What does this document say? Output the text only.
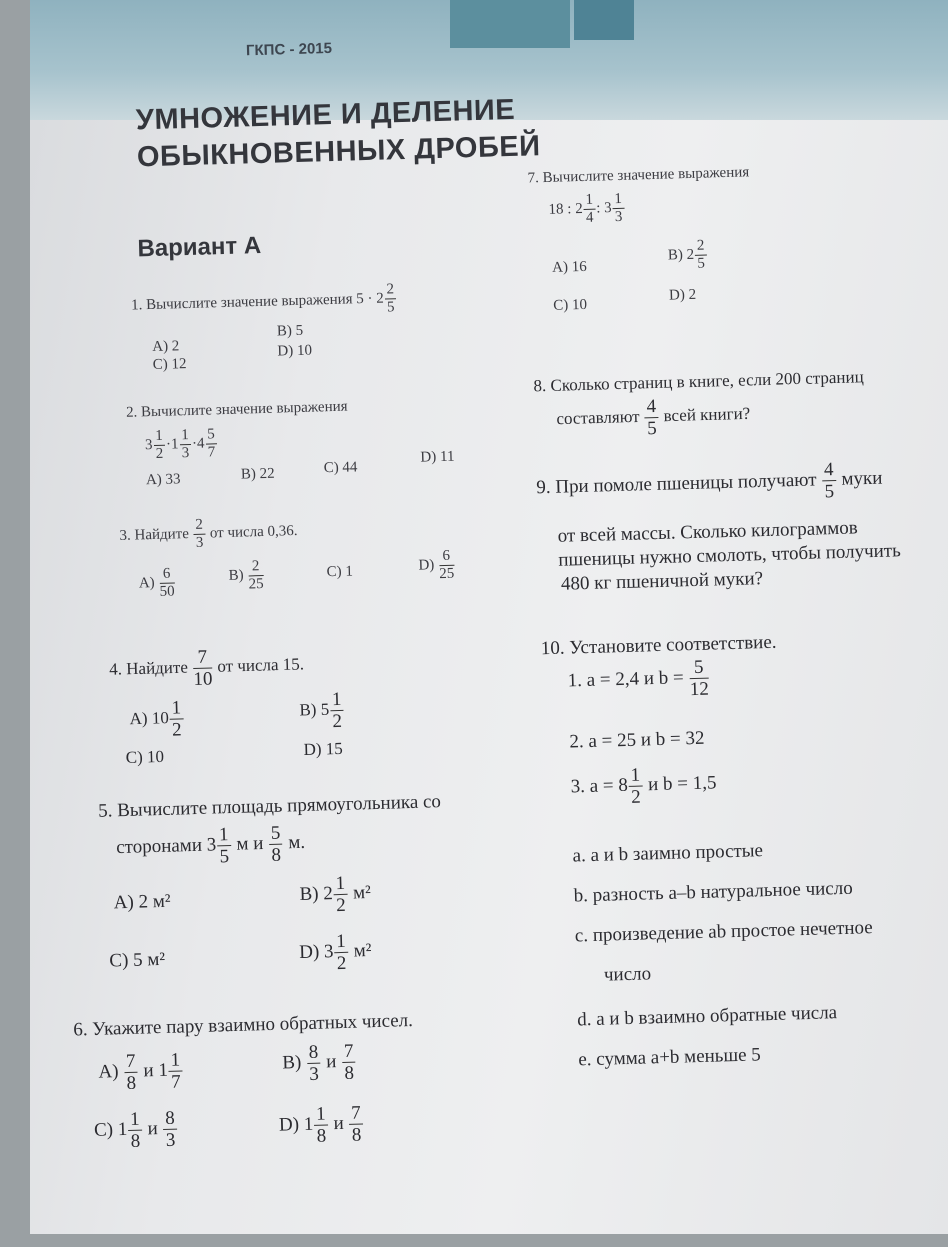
ГКПС - 2015
УМНОЖЕНИЕ И ДЕЛЕНИЕ
ОБЫКНОВЕННЫХ ДРОБЕЙ
Вариант А
1. Вычислите значение выражения $5 \cdot 2 \frac{2}{5}$
A) 2
B) 5
C) 12
D) 10
2. Вычислите значение выражения
$3 \frac{1}{2} \cdot 1 \frac{1}{3} \cdot 4 \frac{5}{7}$
A) 33	B) 22	C) 44
D) 11
3. Найдите $\frac{2}{3}$ от числа 0,36.
$A) \frac{6}{50}$	$B) \frac{2}{25}$	C) 1	$D) \frac{6}{25}$
4. Найдите $\frac{7}{10}$ от числа 15.
A) $10 \frac{1}{2}$	B) $5 \frac{1}{2}$
C) 10	D) 15
5. Вычислите площадь прямоугольника со
сторонами $3 \frac{1}{5}$ м и $\frac{5}{8} м$.
A) 2 м²	B) $2 \frac{1}{2} м^2$
C) 5 м²	D) $3 \frac{1}{2} м^2$
6. Укажите пару взаимно обратных чисел.
$A) \frac{7}{8}$ и $1 \frac{1}{7}$	$B) \frac{8}{3}$ и $\frac{7}{8}$
C) $1 \frac{1}{8}$ и $\frac{8}{3}$	D) $1 \frac{1}{8}$ и $\frac{7}{8}$
7. Вычислите значение выражения
18 : $2 \frac{1}{4}$ : $3 \frac{1}{3}$
A) 16
B) $2 \frac{2}{5}$
C) 10
D) 2
8. Сколько страниц в книге, если 200 страниц
составляют $\frac{4}{5}$ всей книги?
9. При помоле пшеницы получают $\frac{4}{5}$ муки
от всей массы. Сколько килограммов
пшеницы нужно смолоть, чтобы получить
480 кг пшеничной муки?
10. Установите соответствие.
1. a = 2,4 и $b = \frac{5}{12}$
2. a = 25 и b = 32
3. $a = 8 \frac{1}{2}$ и b = 1,5
a. a и b заимно простые
b. разность a–b натуральное число
c. произведение ab простое нечетное
число
d. a и b взаимно обратные числа
e. сумма a+b меньше 5
